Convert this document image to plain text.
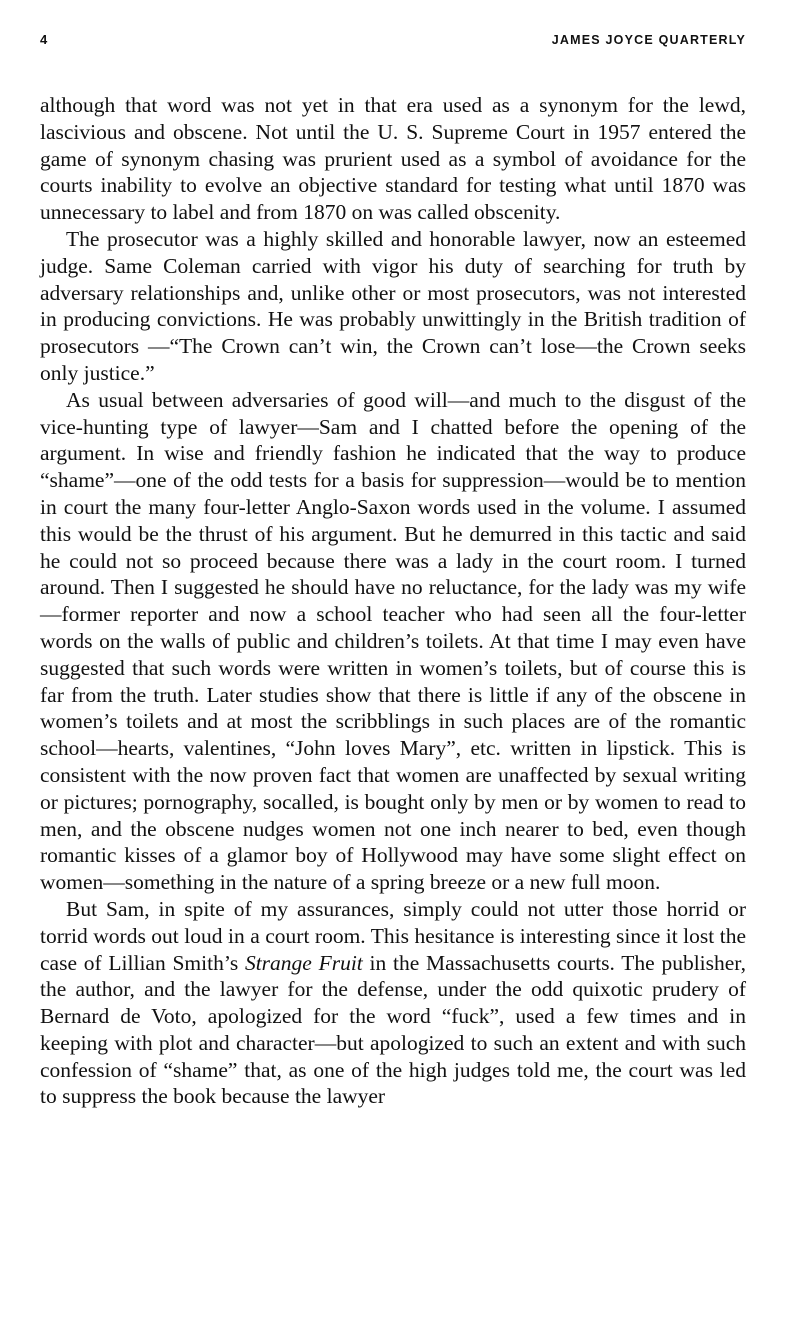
4	JAMES JOYCE QUARTERLY

although that word was not yet in that era used as a synonym for the lewd, lascivious and obscene. Not until the U. S. Supreme Court in 1957 entered the game of synonym chasing was prurient used as a symbol of avoidance for the courts inability to evolve an objective standard for testing what until 1870 was unnecessary to label and from 1870 on was called obscenity.

The prosecutor was a highly skilled and honorable lawyer, now an esteemed judge. Same Coleman carried with vigor his duty of searching for truth by adversary relationships and, unlike other or most prosecutors, was not interested in producing convictions. He was probably unwittingly in the British tradition of prosecutors —“The Crown can’t win, the Crown can’t lose—the Crown seeks only justice.”

As usual between adversaries of good will—and much to the disgust of the vice-hunting type of lawyer—Sam and I chatted before the opening of the argument. In wise and friendly fashion he indicated that the way to produce “shame”—one of the odd tests for a basis for suppression—would be to mention in court the many four-letter Anglo-Saxon words used in the volume. I assumed this would be the thrust of his argument. But he demurred in this tactic and said he could not so proceed because there was a lady in the court room. I turned around. Then I suggested he should have no reluctance, for the lady was my wife—former reporter and now a school teacher who had seen all the four-letter words on the walls of public and children’s toilets. At that time I may even have suggested that such words were written in women’s toilets, but of course this is far from the truth. Later studies show that there is little if any of the obscene in women’s toilets and at most the scribblings in such places are of the romantic school—hearts, valentines, “John loves Mary”, etc. written in lipstick. This is consistent with the now proven fact that women are unaffected by sexual writing or pictures; pornography, socalled, is bought only by men or by women to read to men, and the obscene nudges women not one inch nearer to bed, even though romantic kisses of a glamor boy of Hollywood may have some slight effect on women—something in the nature of a spring breeze or a new full moon.

But Sam, in spite of my assurances, simply could not utter those horrid or torrid words out loud in a court room. This hesitance is interesting since it lost the case of Lillian Smith’s Strange Fruit in the Massachusetts courts. The publisher, the author, and the lawyer for the defense, under the odd quixotic prudery of Bernard de Voto, apologized for the word “fuck”, used a few times and in keeping with plot and character—but apologized to such an extent and with such confession of “shame” that, as one of the high judges told me, the court was led to suppress the book because the lawyer
